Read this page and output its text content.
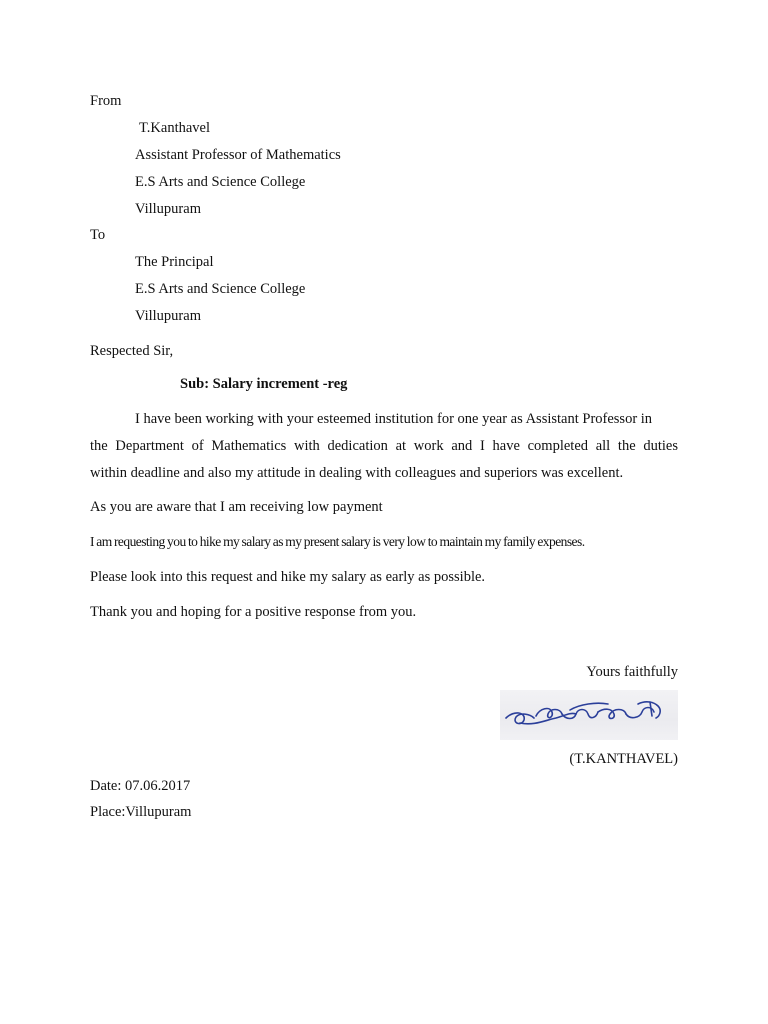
From
T.Kanthavel
Assistant Professor of Mathematics
E.S Arts and Science College
Villupuram
To
The Principal
E.S Arts and Science College
Villupuram
Respected Sir,
Sub: Salary increment -reg
I have been working with your esteemed institution for one year as Assistant Professor in
the Department of Mathematics with dedication at work and I have completed all the duties
within deadline and also my attitude in dealing with colleagues and superiors was excellent.
As you are aware that I am receiving low payment
I am requesting you to hike my salary as my present salary is very low to maintain my family expenses.
Please look into this request and hike my salary as early as possible.
Thank you and hoping for a positive response from you.
Yours faithfully
(T.KANTHAVEL)
Date: 07.06.2017
Place:Villupuram
